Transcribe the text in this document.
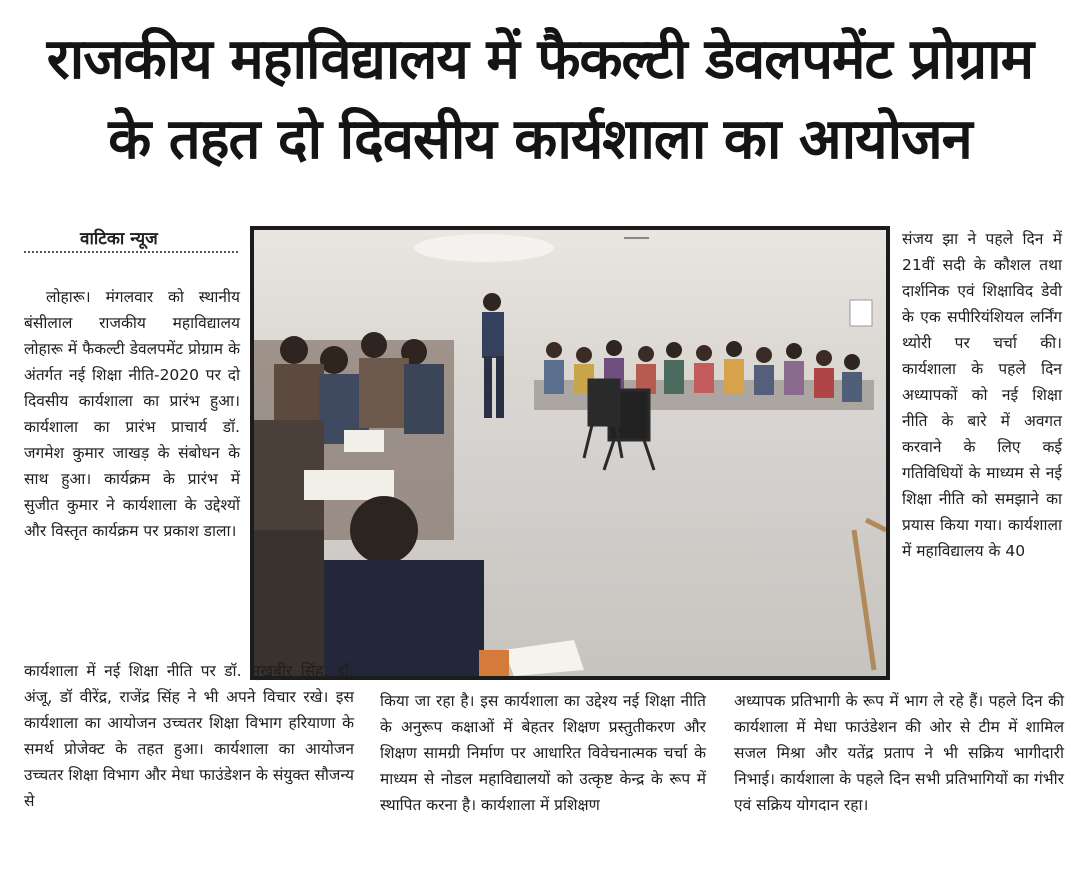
राजकीय महाविद्यालय में फैकल्टी डेवलपमेंट प्रोग्राम
के तहत दो दिवसीय कार्यशाला का आयोजन
वाटिका न्यूज

लोहारू। मंगलवार को स्थानीय बंसीलाल राजकीय महाविद्यालय लोहारू में फैकल्टी डेवलपमेंट प्रोग्राम के अंतर्गत नई शिक्षा नीति-2020 पर दो दिवसीय कार्यशाला का प्रारंभ हुआ। कार्यशाला का प्रारंभ प्राचार्य डॉ. जगमेश कुमार जाखड़ के संबोधन के साथ हुआ। कार्यक्रम के प्रारंभ में सुजीत कुमार ने कार्यशाला के उद्देश्यों और विस्तृत कार्यक्रम पर प्रकाश डाला।

संजय झा ने पहले दिन में 21वीं सदी के कौशल तथा दार्शनिक एवं शिक्षाविद डेवी के एक सपीरियंशियल लर्निंग थ्योरी पर चर्चा की। कार्यशाला के पहले दिन अध्यापकों को नई शिक्षा नीति के बारे में अवगत करवाने के लिए कई गतिविधियों के माध्यम से नई शिक्षा नीति को समझाने का प्रयास किया गया। कार्यशाला में महाविद्यालय के 40

कार्यशाला में नई शिक्षा नीति पर डॉ. सुखबीर सिंह, डॉ. अंजू, डॉ वीरेंद्र, राजेंद्र सिंह ने भी अपने विचार रखे। इस कार्यशाला का आयोजन उच्चतर शिक्षा विभाग हरियाणा के समर्थ प्रोजेक्ट के तहत हुआ। कार्यशाला का आयोजन उच्चतर शिक्षा विभाग और मेधा फाउंडेशन के संयुक्त सौजन्य से

किया जा रहा है। इस कार्यशाला का उद्देश्य नई शिक्षा नीति के अनुरूप कक्षाओं में बेहतर शिक्षण प्रस्तुतीकरण और शिक्षण सामग्री निर्माण पर आधारित विवेचनात्मक चर्चा के माध्यम से नोडल महाविद्यालयों को उत्कृष्ट केन्द्र के रूप में स्थापित करना है। कार्यशाला में प्रशिक्षण

अध्यापक प्रतिभागी के रूप में भाग ले रहे हैं। पहले दिन की कार्यशाला में मेधा फाउंडेशन की ओर से टीम में शामिल सजल मिश्रा और यतेंद्र प्रताप ने भी सक्रिय भागीदारी निभाई। कार्यशाला के पहले दिन सभी प्रतिभागियों का गंभीर एवं सक्रिय योगदान रहा।
